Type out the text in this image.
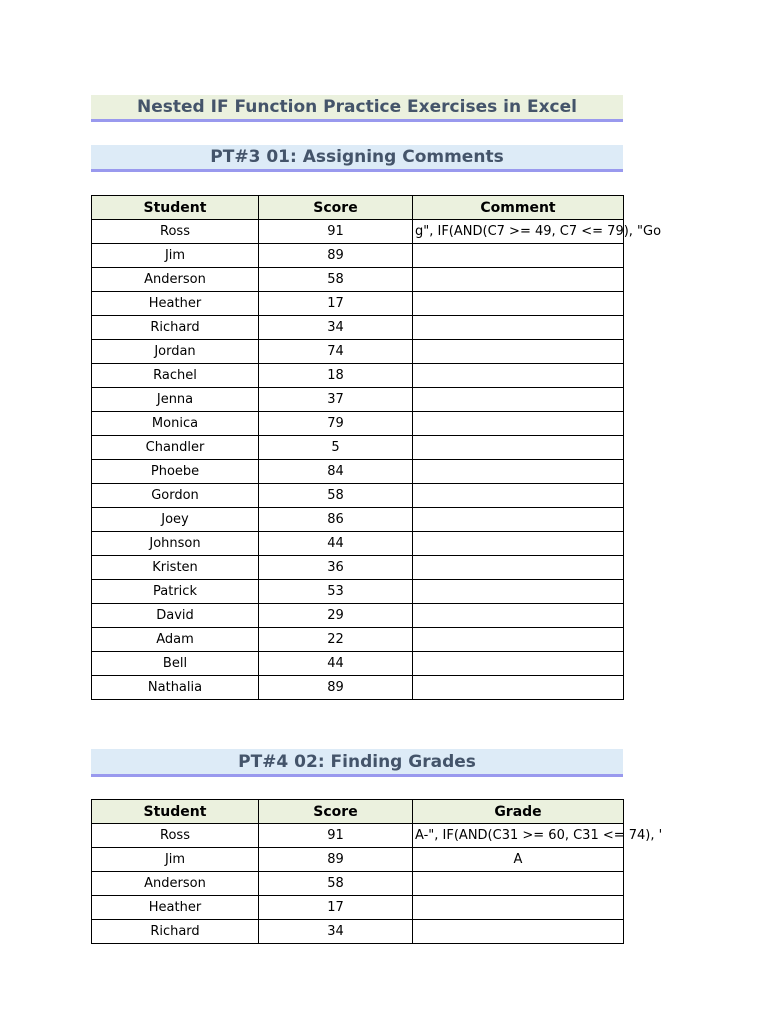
Nested IF Function Practice Exercises in Excel
PT#3 01: Assigning Comments
Student	Score	Comment
Ross	91	g", IF(AND(C7 >= 49, C7 <= 79), "Go
Jim	89	
Anderson	58	
Heather	17	
Richard	34	
Jordan	74	
Rachel	18	
Jenna	37	
Monica	79	
Chandler	5	
Phoebe	84	
Gordon	58	
Joey	86	
Johnson	44	
Kristen	36	
Patrick	53	
David	29	
Adam	22	
Bell	44	
Nathalia	89	
PT#4 02: Finding Grades
Student	Score	Grade
Ross	91	A-", IF(AND(C31 >= 60, C31 <= 74), '
Jim	89	A
Anderson	58	
Heather	17	
Richard	34	
